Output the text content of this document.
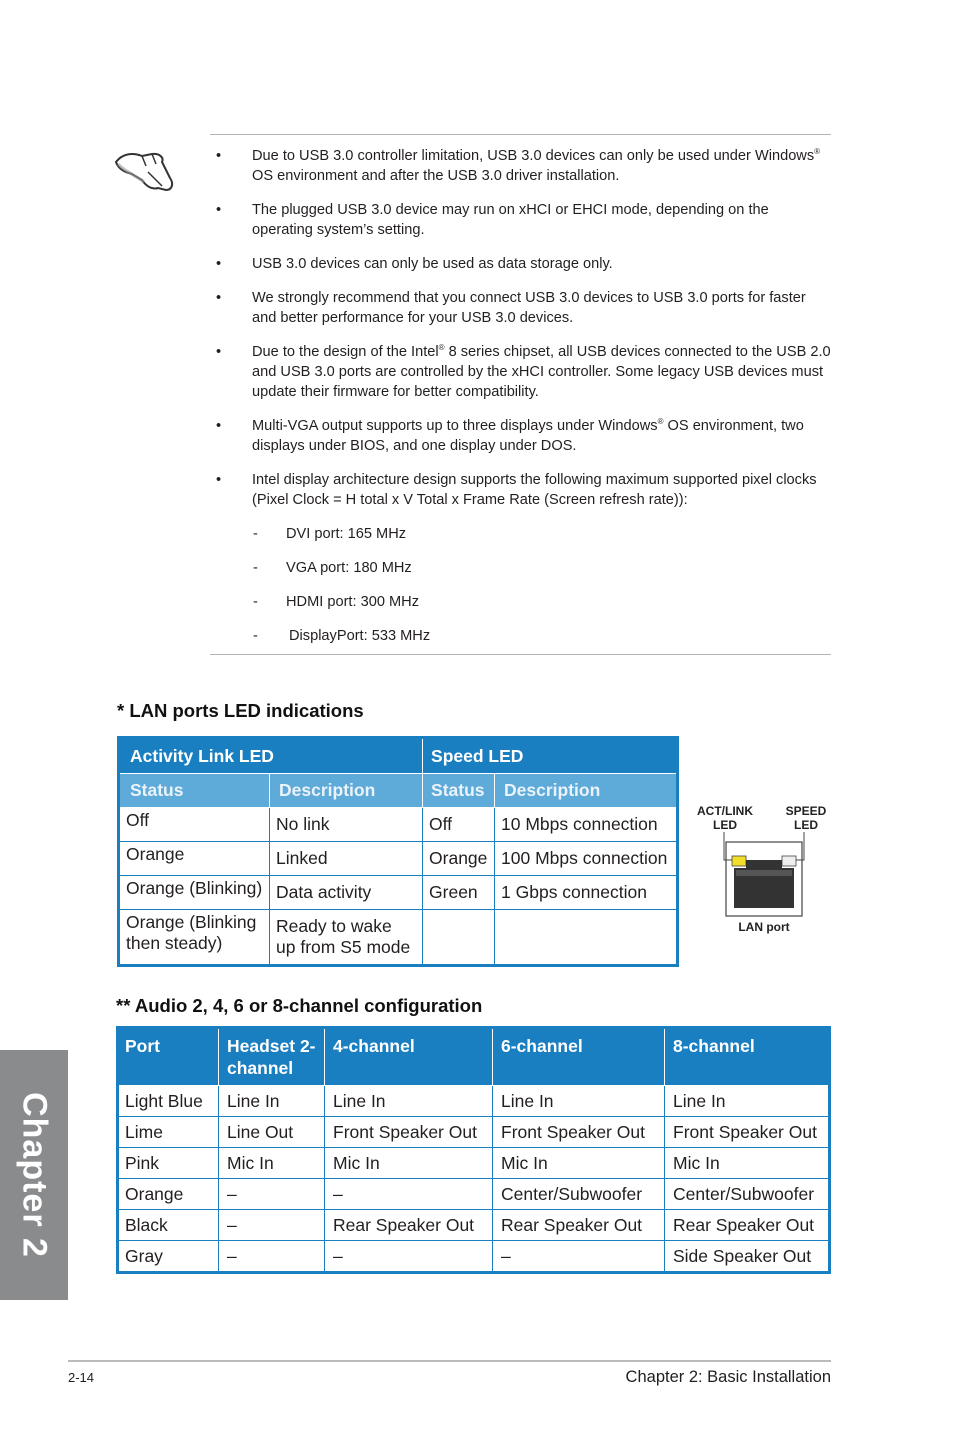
•	Due to USB 3.0 controller limitation, USB 3.0 devices can only be used under Windows® OS environment and after the USB 3.0 driver installation.
•	The plugged USB 3.0 device may run on xHCI or EHCI mode, depending on the operating system’s setting.
•	USB 3.0 devices can only be used as data storage only.
•	We strongly recommend that you connect USB 3.0 devices to USB 3.0 ports for faster and better performance for your USB 3.0 devices.
•	Due to the design of the Intel® 8 series chipset, all USB devices connected to the USB 2.0 and USB 3.0 ports are controlled by the xHCI controller. Some legacy USB devices must update their firmware for better compatibility.
•	Multi-VGA output supports up to three displays under Windows® OS environment, two displays under BIOS, and one display under DOS.
•	Intel display architecture design supports the following maximum supported pixel clocks (Pixel Clock = H total x V Total x Frame Rate (Screen refresh rate)):
- DVI port: 165 MHz
- VGA port: 180 MHz
- HDMI port: 300 MHz
- DisplayPort: 533 MHz
* LAN ports LED indications
Activity Link LED		Speed LED	
Status	Description	Status	Description
Off	No link	Off	10 Mbps connection
Orange	Linked	Orange	100 Mbps connection
Orange (Blinking)	Data activity	Green	1 Gbps connection
Orange (Blinking then steady)	Ready to wake up from S5 mode		
ACT/LINK LED
SPEED LED
LAN port
** Audio 2, 4, 6 or 8-channel configuration
Port	Headset 2-channel	4-channel	6-channel	8-channel
Light Blue	Line In	Line In	Line In	Line In
Lime	Line Out	Front Speaker Out	Front Speaker Out	Front Speaker Out
Pink	Mic In	Mic In	Mic In	Mic In
Orange	–	–	Center/Subwoofer	Center/Subwoofer
Black	–	Rear Speaker Out	Rear Speaker Out	Rear Speaker Out
Gray	–	–	–	Side Speaker Out
Chapter 2
2-14	Chapter 2: Basic Installation
